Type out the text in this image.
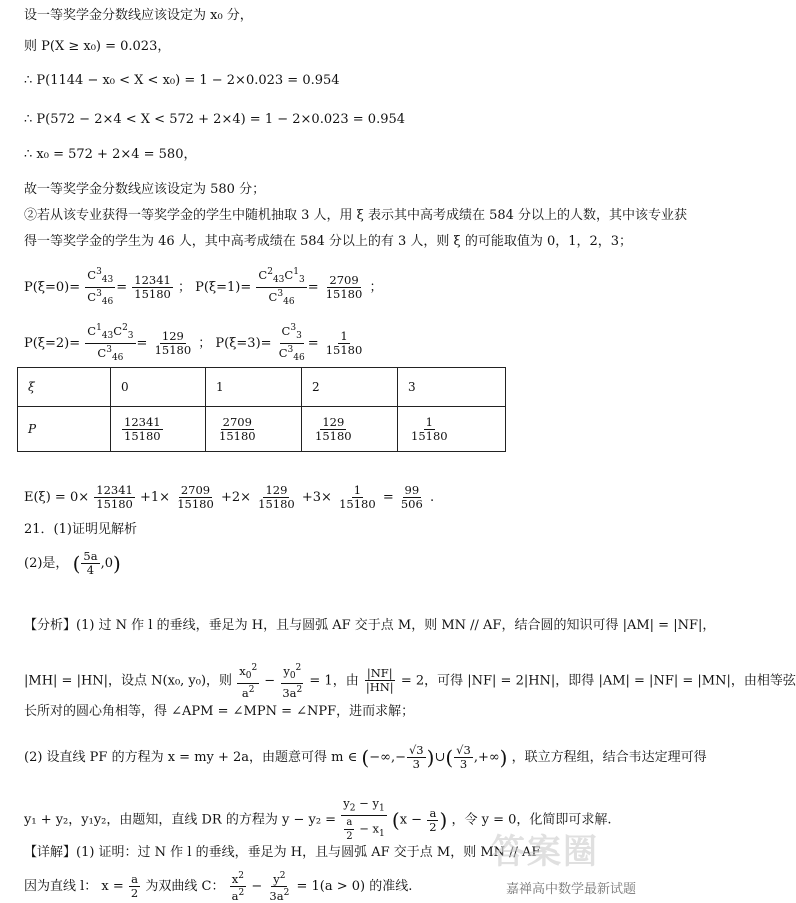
设一等奖学金分数线应该设定为 x₀ 分，
则 P(X ≥ x₀) = 0.023，
∴ P(1144 − x₀ < X < x₀) = 1 − 2×0.023 = 0.954
∴ P(572 − 2×4 < X < 572 + 2×4) = 1 − 2×0.023 = 0.954
∴ x₀ = 572 + 2×4 = 580，
故一等奖学金分数线应该设定为 580 分；
②若从该专业获得一等奖学金的学生中随机抽取 3 人，用 ξ 表示其中高考成绩在 584 分以上的人数，其中该专业获
得一等奖学金的学生为 46 人，其中高考成绩在 584 分以上的有 3 人，则 ξ 的可能取值为 0，1，2，3；
$P(\xi=0)= \frac{C^3_{43}}{C^3_{46}} = \frac{12341}{15180}$ ； $P(\xi=1)= \frac{C^2_{43}C^1_3}{C^3_{46}} = \frac{2709}{15180}$ ；
$P(\xi=2)= \frac{C^1_{43}C^2_3}{C^3_{46}} = \frac{129}{15180}$ ； $P(\xi=3)= \frac{C^3_3}{C^3_{46}} = \frac{1}{15180}$
ξ	0	1	2	3
P	$\frac{12341}{15180}$	$\frac{2709}{15180}$	$\frac{129}{15180}$	$\frac{1}{15180}$
$E(\xi) = 0\times \frac{12341}{15180} +1\times \frac{2709}{15180} +2\times \frac{129}{15180} +3\times \frac{1}{15180} = \frac{99}{506}$ .
21．(1)证明见解析
(2)是， ( $\frac{5a}{4} ,0$)
【分析】(1) 过 N 作 l 的垂线，垂足为 H，且与圆弧 AF 交于点 M，则 MN // AF，结合圆的知识可得 |AM| = |NF|，
|MH| = |HN|，设点 N(x₀, y₀)，则 $\frac{x_0^2}{a^2} - \frac{y_0^2}{3a^2} = 1$，由 $\frac{|NF|}{|HN|} = 2$，可得 |NF| = 2|HN|，即得 |AM| = |NF| = |MN|，由相等弦
长所对的圆心角相等，得 ∠APM = ∠MPN = ∠NPF，进而求解；
(2) 设直线 PF 的方程为 x = my + 2a，由题意可得 m ∈ (−∞,− $\frac{√3}{3}$ )∪( $\frac{√3}{3}$ ,+∞) ，联立方程组，结合韦达定理可得
y₁ + y₂，y₁y₂，由题知，直线 DR 的方程为 $y - y_2 = \frac{y_2 - y_1}{\frac{a}{2} - x_1} (x - \frac{a}{2}$ ) ，令 y = 0，化简即可求解.
【详解】(1) 证明：过 N 作 l 的垂线，垂足为 H，且与圆弧 AF 交于点 M，则 MN // AF
因为直线 l： $x = \frac{a}{2}$ 为双曲线 C： $\frac{x^2}{a^2} - \frac{y^2}{3a^2} = 1(a > 0)$ 的准线.
答案圈
嘉禅高中数学最新试题
